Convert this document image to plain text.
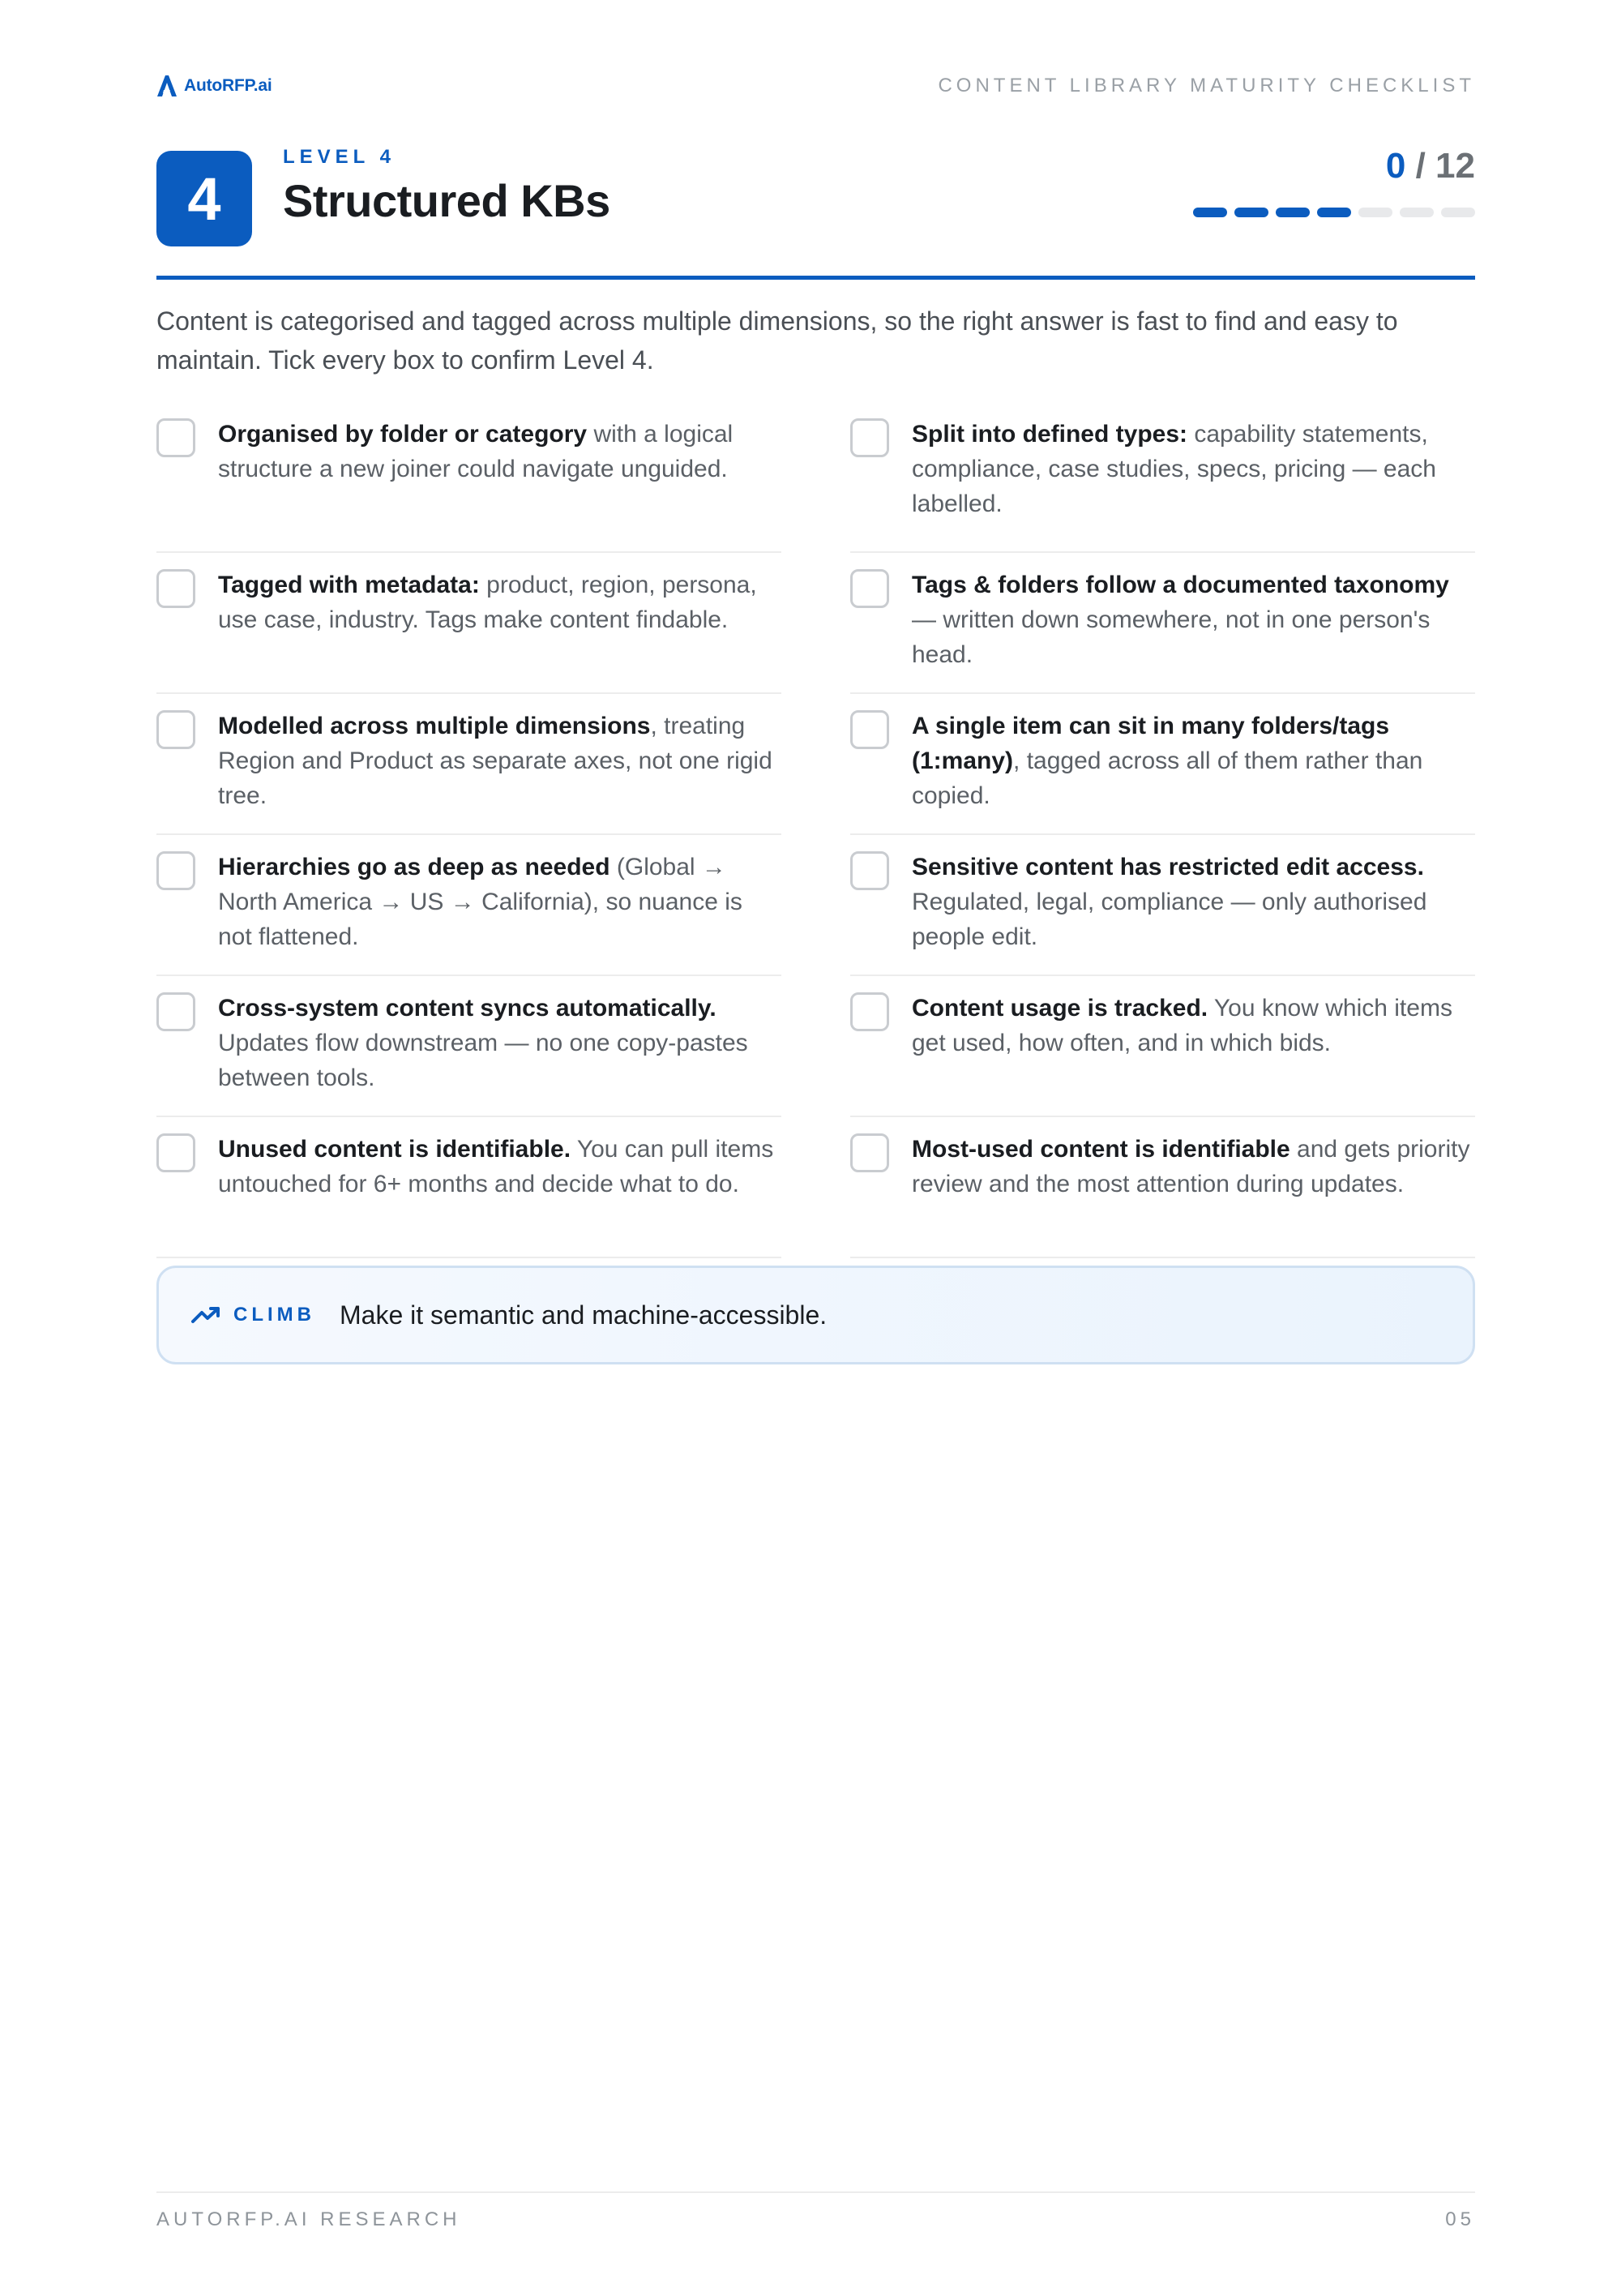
AutoRFP.ai	CONTENT LIBRARY MATURITY CHECKLIST
4
LEVEL 4
Structured KBs
0 / 12

Content is categorised and tagged across multiple dimensions, so the right answer is fast to find and easy to maintain. Tick every box to confirm Level 4.

Organised by folder or category with a logical structure a new joiner could navigate unguided.
Split into defined types: capability statements, compliance, case studies, specs, pricing — each labelled.
Tagged with metadata: product, region, persona, use case, industry. Tags make content findable.
Tags & folders follow a documented taxonomy — written down somewhere, not in one person's head.
Modelled across multiple dimensions, treating Region and Product as separate axes, not one rigid tree.
A single item can sit in many folders/tags (1:many), tagged across all of them rather than copied.
Hierarchies go as deep as needed (Global → North America → US → California), so nuance is not flattened.
Sensitive content has restricted edit access. Regulated, legal, compliance — only authorised people edit.
Cross-system content syncs automatically. Updates flow downstream — no one copy-pastes between tools.
Content usage is tracked. You know which items get used, how often, and in which bids.
Unused content is identifiable. You can pull items untouched for 6+ months and decide what to do.
Most-used content is identifiable and gets priority review and the most attention during updates.
CLIMB Make it semantic and machine-accessible.
AUTORFP.AI RESEARCH	05
